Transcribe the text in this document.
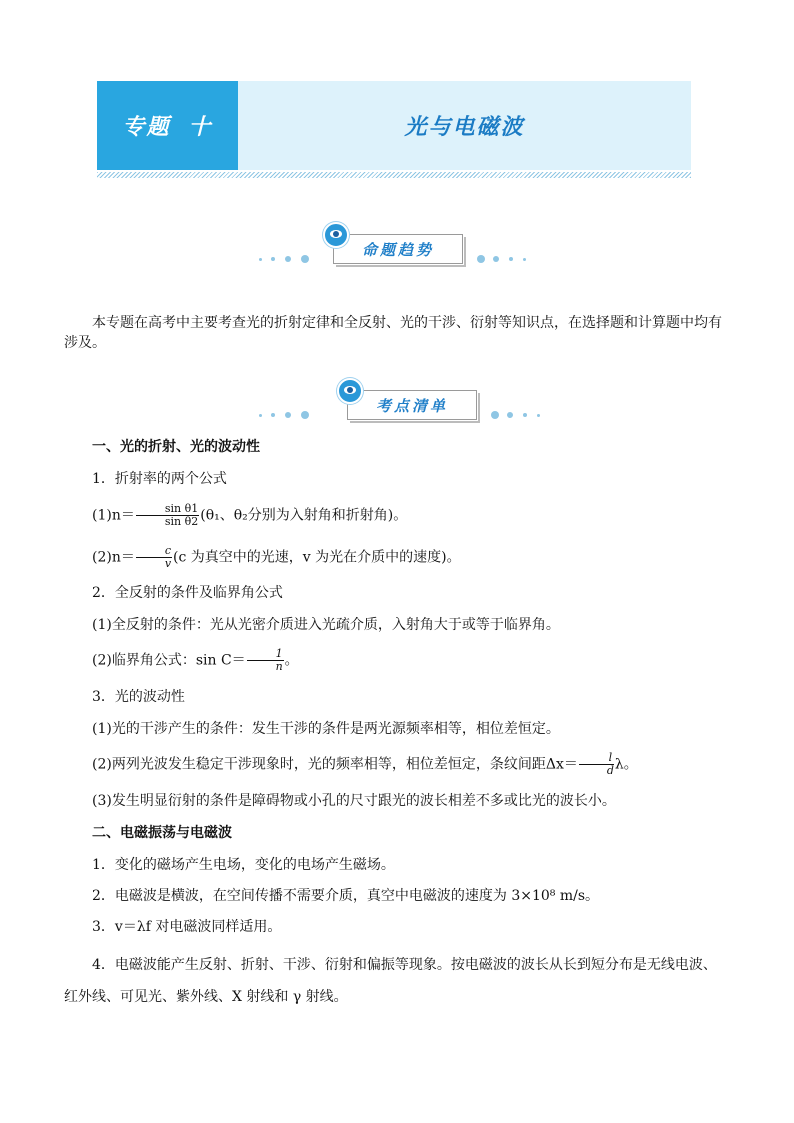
专题 十	光与电磁波
命题趋势

本专题在高考中主要考查光的折射定律和全反射、光的干涉、衍射等知识点，在选择题和计算题中均有涉及。

考点清单

一、光的折射、光的波动性

1．折射率的两个公式

$(1)n= \frac{\text{sin θ1}}{\text{sin θ2}} (\theta_1$、θ₂分别为入射角和折射角)。

$(2)n= \frac{c}{v} (c$ 为真空中的光速，v 为光在介质中的速度)。

2．全反射的条件及临界角公式

(1)全反射的条件：光从光密介质进入光疏介质，入射角大于或等于临界角。

(2)临界角公式：$\sin C= \frac{1}{n}$ 。

3．光的波动性

(1)光的干涉产生的条件：发生干涉的条件是两光源频率相等，相位差恒定。

(2)两列光波发生稳定干涉现象时，光的频率相等，相位差恒定，条纹间距$\Delta x= \frac{l}{d}$ λ。

(3)发生明显衍射的条件是障碍物或小孔的尺寸跟光的波长相差不多或比光的波长小。

二、电磁振荡与电磁波

1．变化的磁场产生电场，变化的电场产生磁场。

2．电磁波是横波，在空间传播不需要介质，真空中电磁波的速度为 3×10⁸ m/s。

3．v＝λf 对电磁波同样适用。

4．电磁波能产生反射、折射、干涉、衍射和偏振等现象。按电磁波的波长从长到短分布是无线电波、红外线、可见光、紫外线、X 射线和 γ 射线。
